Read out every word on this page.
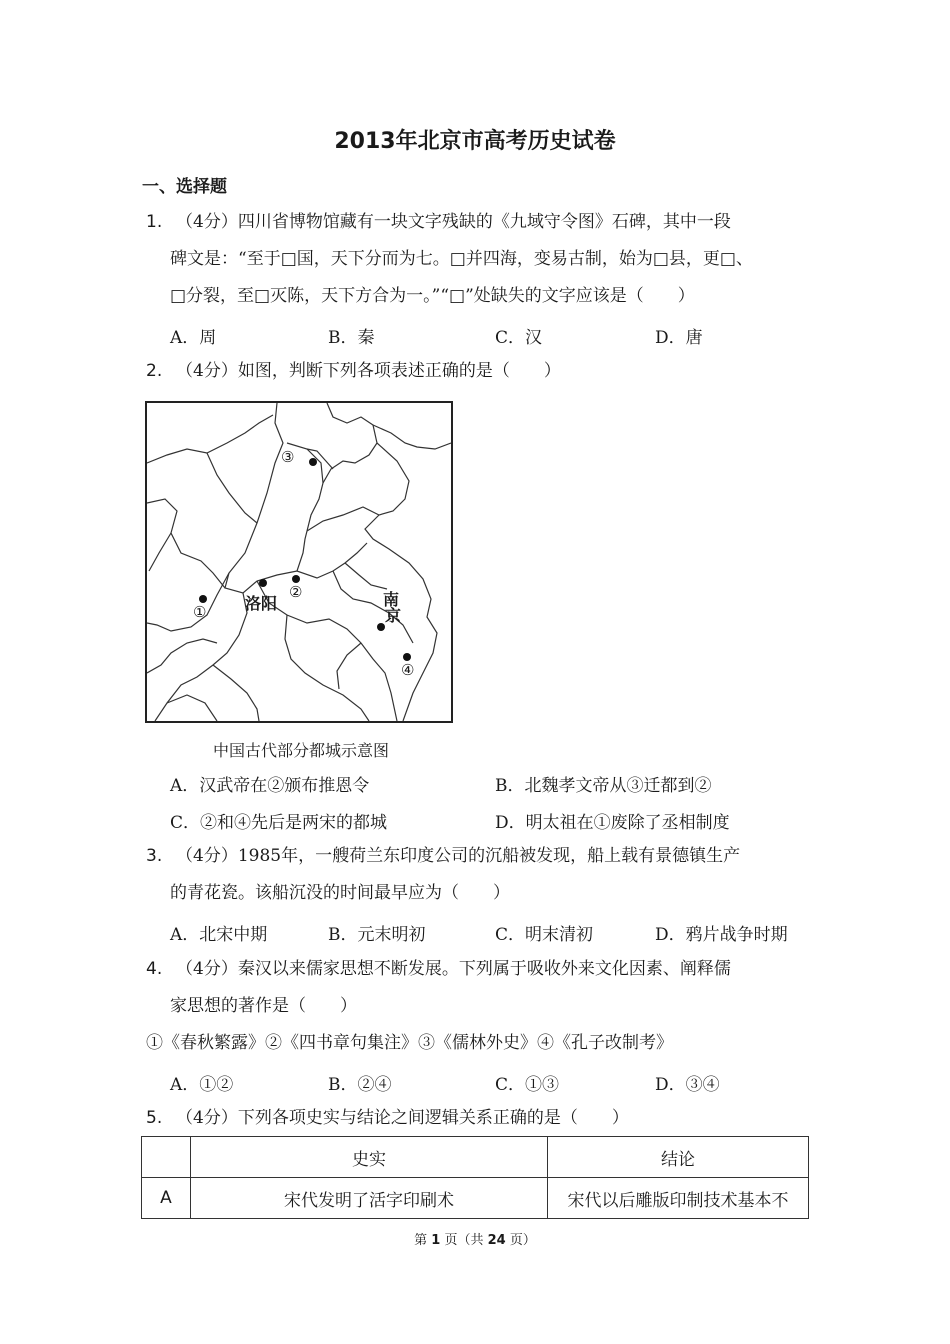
2013年北京市高考历史试卷
一、选择题
1. （4分）四川省博物馆藏有一块文字残缺的《九域守令图》石碑，其中一段
碑文是：“至于□国，天下分而为七。□并四海，变易古制，始为□县，更□、
□分裂，至□灭陈，天下方合为一。”“□”处缺失的文字应该是（　　）
A．周	B．秦	C．汉	D．唐
2. （4分）如图，判断下列各项表述正确的是（　　）
③
洛阳
②
①
南
京
④
中国古代部分都城示意图
A．汉武帝在②颁布推恩令	B．北魏孝文帝从③迁都到②
C．②和④先后是两宋的都城	D．明太祖在①废除了丞相制度
3. （4分）1985年，一艘荷兰东印度公司的沉船被发现，船上载有景德镇生产
的青花瓷。该船沉没的时间最早应为（　　）
A．北宋中期	B．元末明初	C．明末清初	D．鸦片战争时期
4. （4分）秦汉以来儒家思想不断发展。下列属于吸收外来文化因素、阐释儒
家思想的著作是（　　）
①《春秋繁露》②《四书章句集注》③《儒林外史》④《孔子改制考》
A．①②	B．②④	C．①③	D．③④
5. （4分）下列各项史实与结论之间逻辑关系正确的是（　　）
	史实	结论
A	宋代发明了活字印刷术	宋代以后雕版印制技术基本不
第 1 页（共 24 页）
